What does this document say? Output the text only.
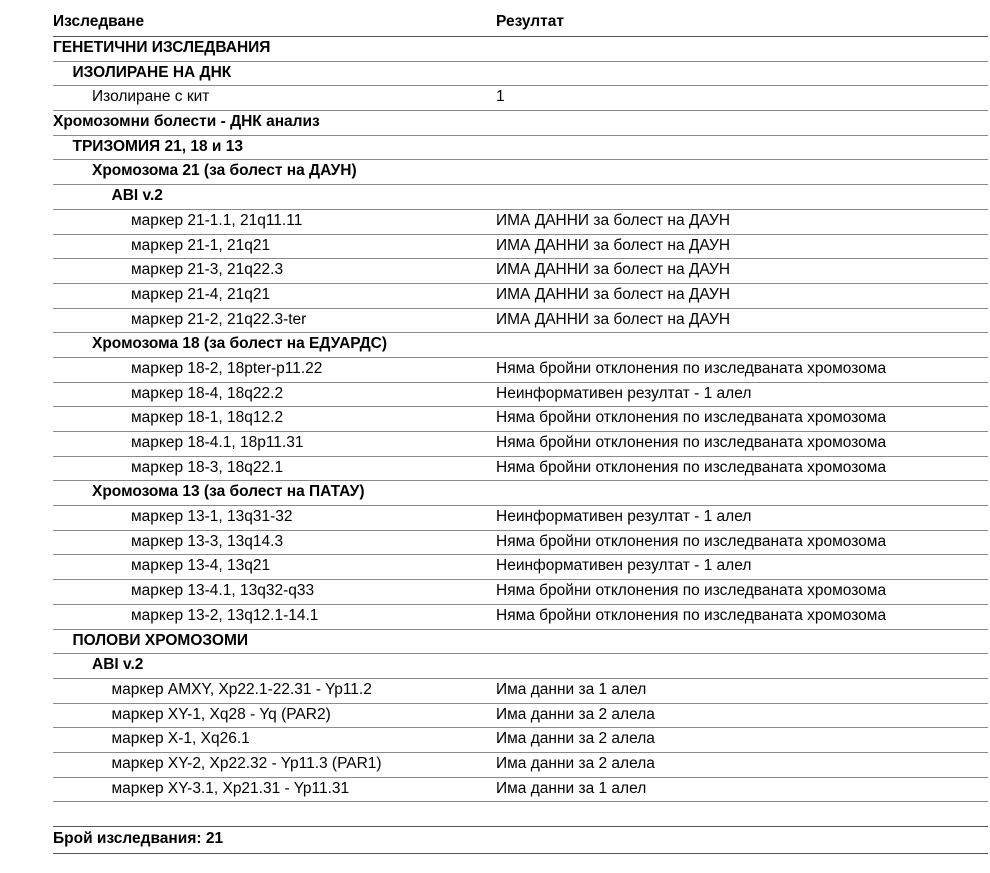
Изследване	Резултат
ГЕНЕТИЧНИ ИЗСЛЕДВАНИЯ
ИЗОЛИРАНЕ НА ДНК
Изолиране с кит	1
Хромозомни болести - ДНК анализ
ТРИЗОМИЯ 21, 18 и 13
Хромозома 21 (за болест на ДАУН)
ABI v.2
маркер 21-1.1, 21q11.11	ИМА ДАННИ за болест на ДАУН
маркер 21-1, 21q21	ИМА ДАННИ за болест на ДАУН
маркер 21-3, 21q22.3	ИМА ДАННИ за болест на ДАУН
маркер 21-4, 21q21	ИМА ДАННИ за болест на ДАУН
маркер 21-2, 21q22.3-ter	ИМА ДАННИ за болест на ДАУН
Хромозома 18 (за болест на ЕДУАРДС)
маркер 18-2, 18pter-p11.22	Няма бройни отклонения по изследваната хромозома
маркер 18-4, 18q22.2	Неинформативен резултат - 1 алел
маркер 18-1, 18q12.2	Няма бройни отклонения по изследваната хромозома
маркер 18-4.1, 18p11.31	Няма бройни отклонения по изследваната хромозома
маркер 18-3, 18q22.1	Няма бройни отклонения по изследваната хромозома
Хромозома 13 (за болест на ПАТАУ)
маркер 13-1, 13q31-32	Неинформативен резултат - 1 алел
маркер 13-3, 13q14.3	Няма бройни отклонения по изследваната хромозома
маркер 13-4, 13q21	Неинформативен резултат - 1 алел
маркер 13-4.1, 13q32-q33	Няма бройни отклонения по изследваната хромозома
маркер 13-2, 13q12.1-14.1	Няма бройни отклонения по изследваната хромозома
ПОЛОВИ ХРОМОЗОМИ
ABI v.2
маркер AMXY, Xp22.1-22.31 - Yp11.2	Има данни за 1 алел
маркер XY-1, Xq28 - Yq (PAR2)	Има данни за 2 алела
маркер X-1, Xq26.1	Има данни за 2 алела
маркер XY-2, Xp22.32 - Yp11.3 (PAR1)	Има данни за 2 алела
маркер XY-3.1, Xp21.31 - Yp11.31	Има данни за 1 алел
Брой изследвания: 21
